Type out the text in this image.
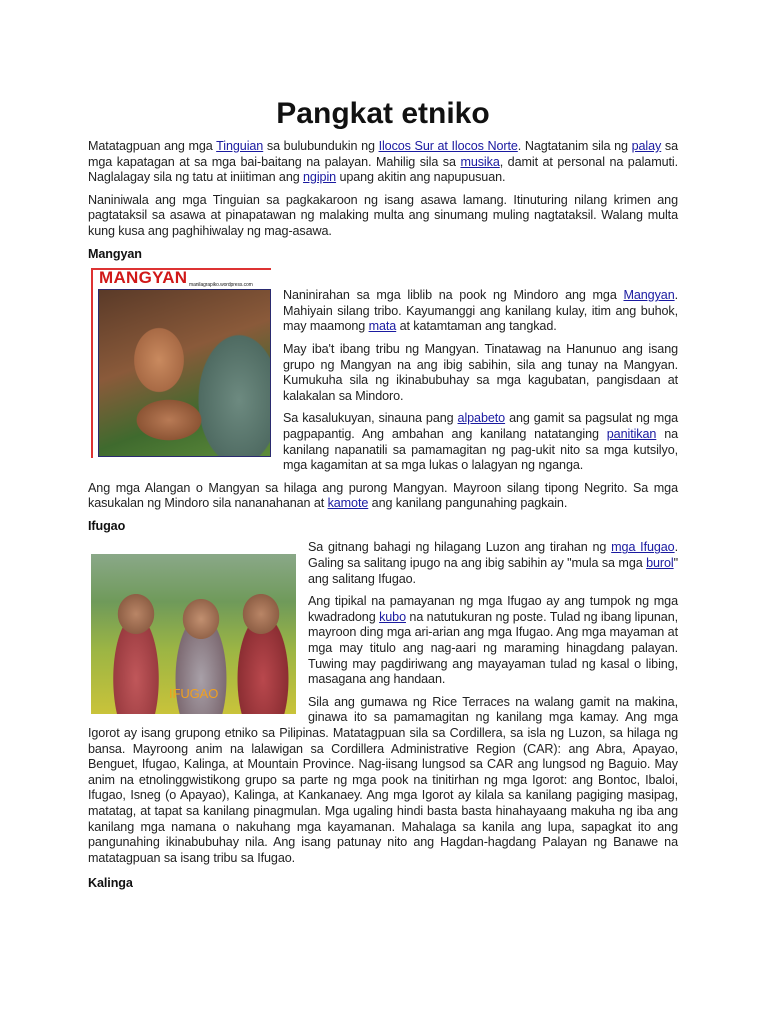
Pangkat etniko

Matatagpuan ang mga Tinguian sa bulubundukin ng Ilocos Sur at Ilocos Norte. Nagtatanim sila ng palay sa mga kapatagan at sa mga bai-baitang na palayan. Mahilig sila sa musika, damit at personal na palamuti. Naglalagay sila ng tatu at iniitiman ang ngipin upang akitin ang napupusuan.

Naniniwala ang mga Tinguian sa pagkakaroon ng isang asawa lamang. Itinuturing nilang krimen ang pagtataksil sa asawa at pinapatawan ng malaking multa ang sinumang muling nagtataksil. Walang multa kung kusa ang paghihiwalay ng mag-asawa.

Mangyan
MANGYAN manilagrapiko.wordpress.com

Naninirahan sa mga liblib na pook ng Mindoro ang mga Mangyan. Mahiyain silang tribo. Kayumanggi ang kanilang kulay, itim ang buhok, may maamong mata at katamtaman ang tangkad.

May iba't ibang tribu ng Mangyan. Tinatawag na Hanunuo ang isang grupo ng Mangyan na ang ibig sabihin, sila ang tunay na Mangyan. Kumukuha sila ng ikinabubuhay sa mga kagubatan, pangisdaan at kalakalan sa Mindoro.

Sa kasalukuyan, sinauna pang alpabeto ang gamit sa pagsulat ng mga pagpapantig. Ang ambahan ang kanilang natatanging panitikan na kanilang napanatili sa pamamagitan ng pag-ukit nito sa mga kutsilyo, mga kagamitan at sa mga lukas o lalagyan ng nganga.

Ang mga Alangan o Mangyan sa hilaga ang purong Mangyan. Mayroon silang tipong Negrito. Sa mga kasukalan ng Mindoro sila nananahanan at kamote ang kanilang pangunahing pagkain.

Ifugao
IFUGAO

Sa gitnang bahagi ng hilagang Luzon ang tirahan ng mga Ifugao. Galing sa salitang ipugo na ang ibig sabihin ay "mula sa mga burol" ang salitang Ifugao.

Ang tipikal na pamayanan ng mga Ifugao ay ang tumpok ng mga kwadradong kubo na natutukuran ng poste. Tulad ng ibang lipunan, mayroon ding mga ari-arian ang mga Ifugao. Ang mga mayaman at mga may titulo ang nag-aari ng maraming hinagdang palayan. Tuwing may pagdiriwang ang mayayaman tulad ng kasal o libing, masagana ang handaan.

Sila ang gumawa ng Rice Terraces na walang gamit na makina, ginawa ito sa pamamagitan ng kanilang mga kamay. Ang mga Igorot ay isang grupong etniko sa Pilipinas. Matatagpuan sila sa Cordillera, sa isla ng Luzon, sa hilaga ng bansa. Mayroong anim na lalawigan sa Cordillera Administrative Region (CAR): ang Abra, Apayao, Benguet, Ifugao, Kalinga, at Mountain Province. Nag-iisang lungsod sa CAR ang lungsod ng Baguio. May anim na etnolinggwistikong grupo sa parte ng mga pook na tinitirhan ng mga Igorot: ang Bontoc, Ibaloi, Ifugao, Isneg (o Apayao), Kalinga, at Kankanaey. Ang mga Igorot ay kilala sa kanilang pagiging masipag, matatag, at tapat sa kanilang pinagmulan. Mga ugaling hindi basta basta hinahayaang makuha ng iba ang kanilang mga namana o nakuhang mga kayamanan. Mahalaga sa kanila ang lupa, sapagkat ito ang pangunahing ikinabubuhay nila. Ang isang patunay nito ang Hagdan-hagdang Palayan ng Banawe na matatagpuan sa isang tribu sa Ifugao.

Kalinga
